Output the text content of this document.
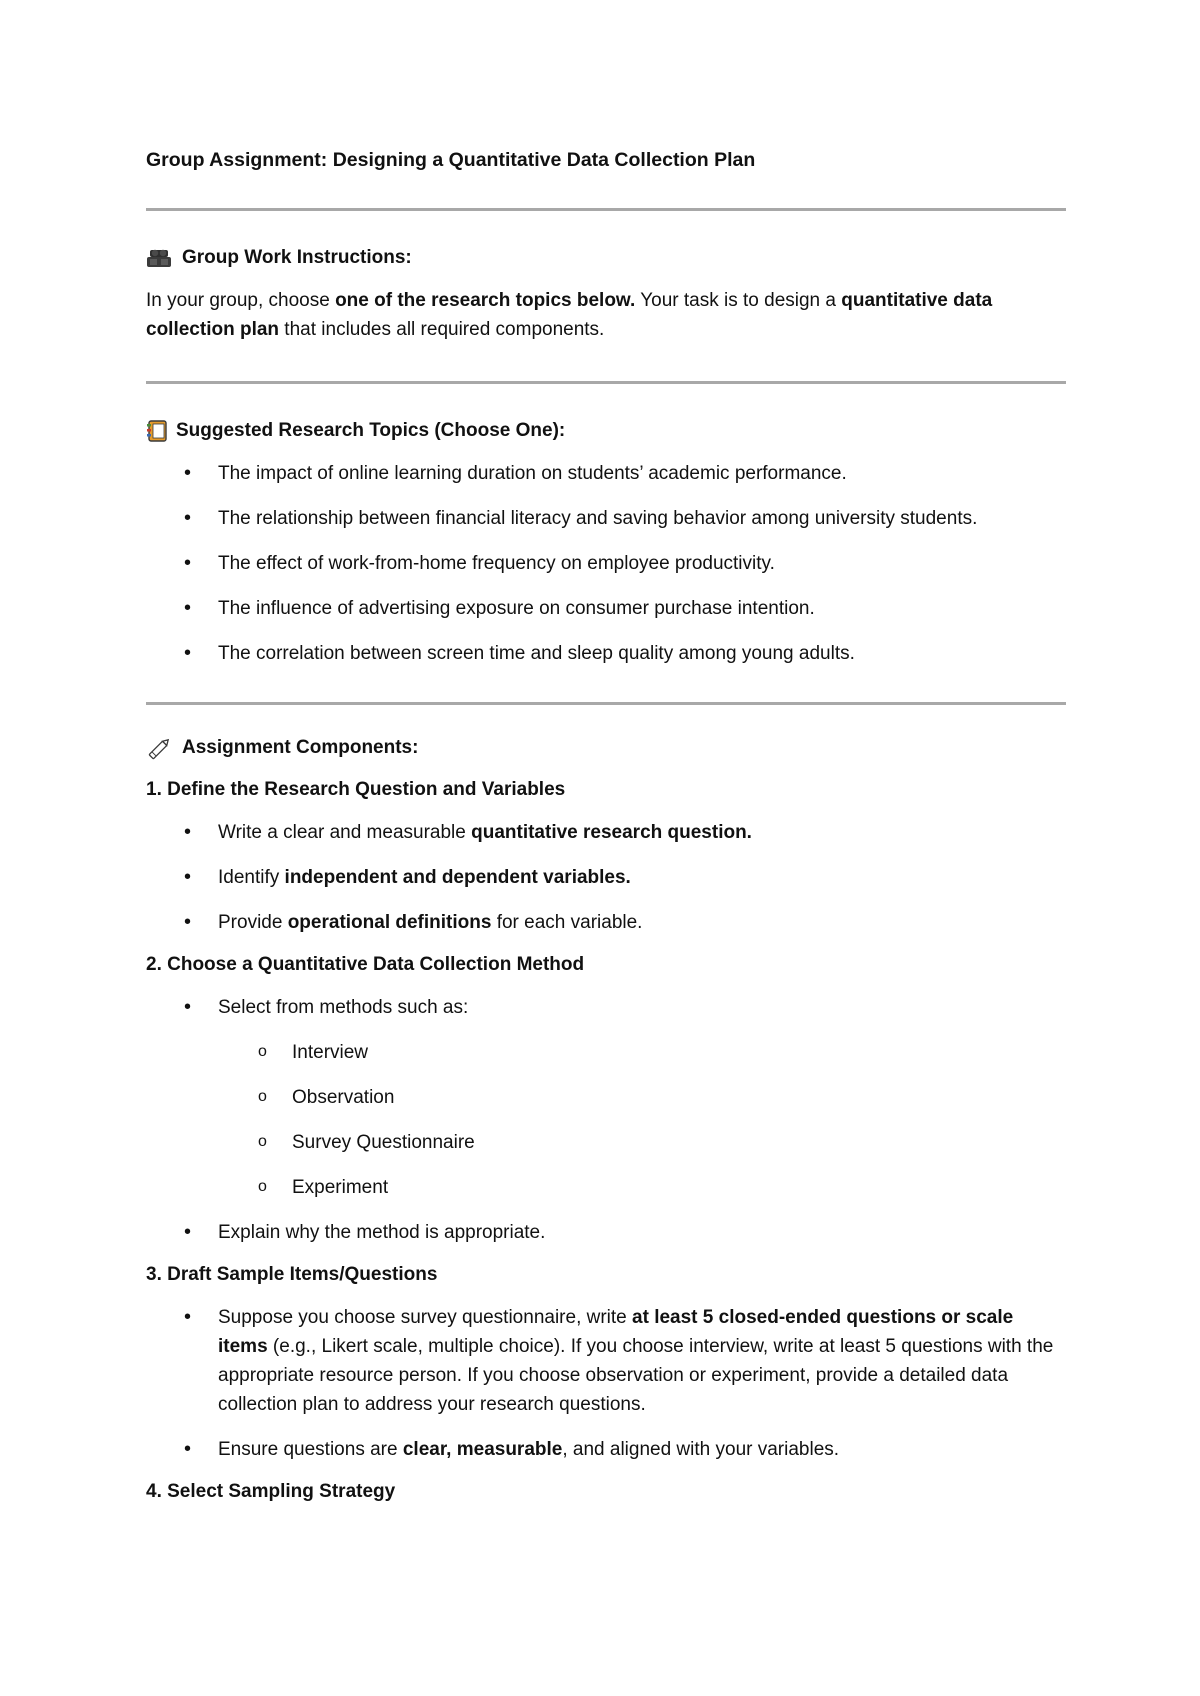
Group Assignment: Designing a Quantitative Data Collection Plan

Group Work Instructions:

In your group, choose one of the research topics below. Your task is to design a quantitative data collection plan that includes all required components.

Suggested Research Topics (Choose One):
• The impact of online learning duration on students’ academic performance.
• The relationship between financial literacy and saving behavior among university students.
• The effect of work-from-home frequency on employee productivity.
• The influence of advertising exposure on consumer purchase intention.
• The correlation between screen time and sleep quality among young adults.
Assignment Components:

1. Define the Research Question and Variables

• Write a clear and measurable quantitative research question.
• Identify independent and dependent variables.
• Provide operational definitions for each variable.

2. Choose a Quantitative Data Collection Method

• Select from methods such as:
o Interview
o Observation
o Survey Questionnaire
o Experiment
• Explain why the method is appropriate.

3. Draft Sample Items/Questions

• Suppose you choose survey questionnaire, write at least 5 closed-ended questions or scale items (e.g., Likert scale, multiple choice). If you choose interview, write at least 5 questions with the appropriate resource person. If you choose observation or experiment, provide a detailed data collection plan to address your research questions.
• Ensure questions are clear, measurable, and aligned with your variables.

4. Select Sampling Strategy
